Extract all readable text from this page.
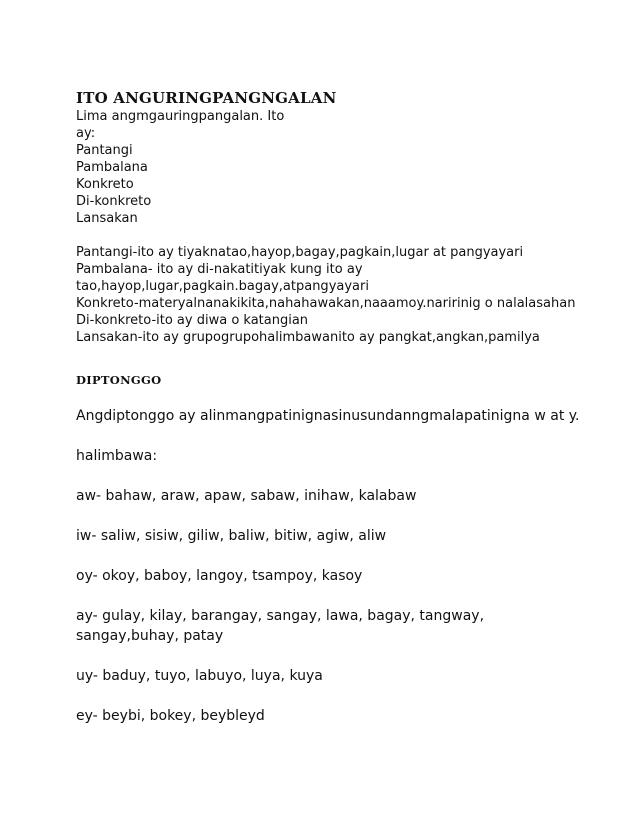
ITO ANGURINGPANGNGALAN
Lima angmgauringpangalan. Ito
ay:
Pantangi
Pambalana
Konkreto
Di-konkreto
Lansakan
Pantangi-ito ay tiyaknatao,hayop,bagay,pagkain,lugar at pangyayari
Pambalana- ito ay di-nakatitiyak kung ito ay
tao,hayop,lugar,pagkain.bagay,atpangyayari
Konkreto-materyalnanakikita,nahahawakan,naaamoy.naririnig o nalalasahan
Di-konkreto-ito ay diwa o katangian
Lansakan-ito ay grupogrupohalimbawanito ay pangkat,angkan,pamilya
DIPTONGGO

Angdiptonggo ay alinmangpatinignasinusundanngmalapatinigna w at y.

halimbawa:

aw- bahaw, araw, apaw, sabaw, inihaw, kalabaw

iw- saliw, sisiw, giliw, baliw, bitiw, agiw, aliw

oy- okoy, baboy, langoy, tsampoy, kasoy

ay- gulay, kilay, barangay, sangay, lawa, bagay, tangway, sangay,buhay, patay

uy- baduy, tuyo, labuyo, luya, kuya

ey- beybi, bokey, beybleyd
